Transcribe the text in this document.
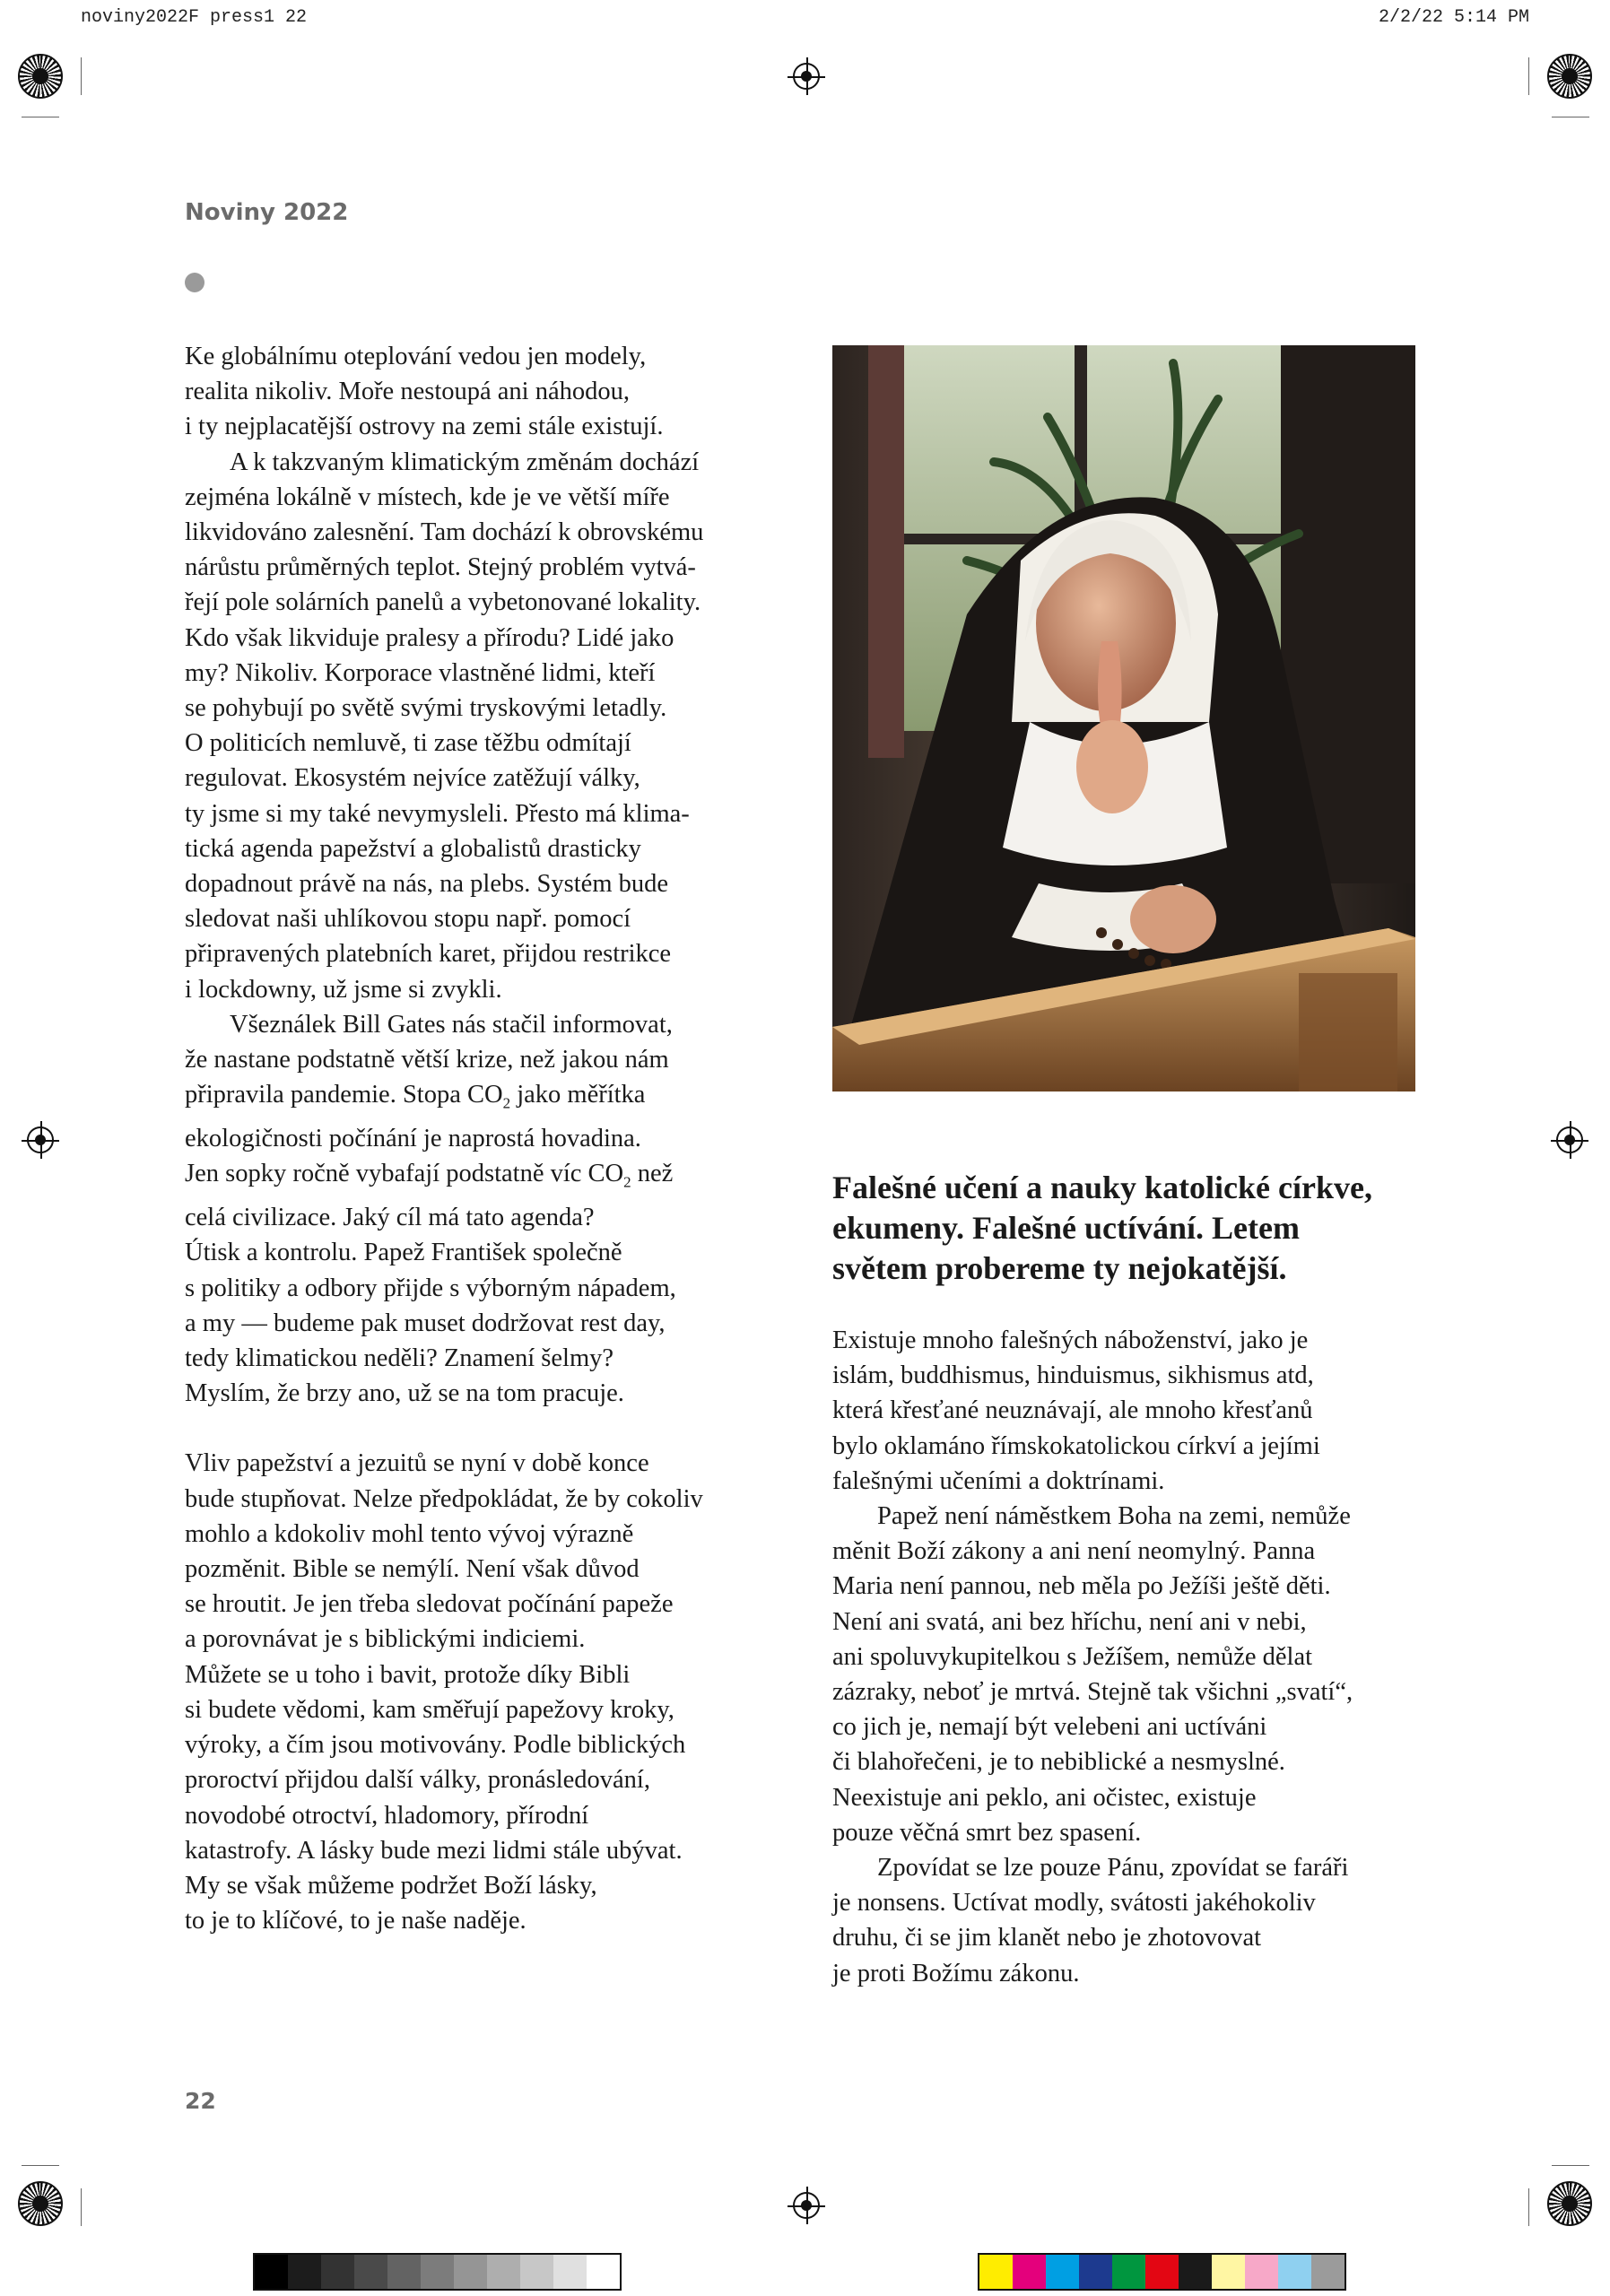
noviny2022F press1 22	2/2/22 5:14 PM
Noviny 2022

Ke globálnímu oteplování vedou jen modely,
realita nikoliv. Moře nestoupá ani náhodou,
i ty nejplacatější ostrovy na zemi stále existují.

A k takzvaným klimatickým změnám dochází
zejména lokálně v místech, kde je ve větší míře
likvidováno zalesnění. Tam dochází k obrovskému
nárůstu průměrných teplot. Stejný problém vytvá-
řejí pole solárních panelů a vybetonované lokality.
Kdo však likviduje pralesy a přírodu? Lidé jako
my? Nikoliv. Korporace vlastněné lidmi, kteří
se pohybují po světě svými tryskovými letadly.
O politicích nemluvě, ti zase těžbu odmítají
regulovat. Ekosystém nejvíce zatěžují války,
ty jsme si my také nevymysleli. Přesto má klima-
tická agenda papežství a globalistů drasticky
dopadnout právě na nás, na plebs. Systém bude
sledovat naši uhlíkovou stopu např. pomocí
připravených platebních karet, přijdou restrikce
i lockdowny, už jsme si zvykli.

Všeználek Bill Gates nás stačil informovat,
že nastane podstatně větší krize, než jakou nám
připravila pandemie. Stopa $CO_2$ jako měřítka
ekologičnosti počínání je naprostá hovadina.
Jen sopky ročně vybafají podstatně víc $CO_2$ než
celá civilizace. Jaký cíl má tato agenda?
Útisk a kontrolu. Papež František společně
s politiky a odbory přijde s výborným nápadem,
a my — budeme pak muset dodržovat rest day,
tedy klimatickou neděli? Znamení šelmy?
Myslím, že brzy ano, už se na tom pracuje.

Vliv papežství a jezuitů se nyní v době konce
bude stupňovat. Nelze předpokládat, že by cokoliv
mohlo a kdokoliv mohl tento vývoj výrazně
pozměnit. Bible se nemýlí. Není však důvod
se hroutit. Je jen třeba sledovat počínání papeže
a porovnávat je s biblickými indiciemi.
Můžete se u toho i bavit, protože díky Bibli
si budete vědomi, kam směřují papežovy kroky,
výroky, a čím jsou motivovány. Podle biblických
proroctví přijdou další války, pronásledování,
novodobé otroctví, hladomory, přírodní
katastrofy. A lásky bude mezi lidmi stále ubývat.
My se však můžeme podržet Boží lásky,
to je to klíčové, to je naše naděje.

Falešné učení a nauky katolické církve,
ekumeny. Falešné uctívání. Letem
světem probereme ty nejokatější.

Existuje mnoho falešných náboženství, jako je
islám, buddhismus, hinduismus, sikhismus atd,
která křesťané neuznávají, ale mnoho křesťanů
bylo oklamáno římskokatolickou církví a jejími
falešnými učeními a doktrínami.

Papež není náměstkem Boha na zemi, nemůže
měnit Boží zákony a ani není neomylný. Panna
Maria není pannou, neb měla po Ježíši ještě děti.
Není ani svatá, ani bez hříchu, není ani v nebi,
ani spoluvykupitelkou s Ježíšem, nemůže dělat
zázraky, neboť je mrtvá. Stejně tak všichni „svatí“,
co jich je, nemají být velebeni ani uctíváni
či blahořečeni, je to nebiblické a nesmyslné.
Neexistuje ani peklo, ani očistec, existuje
pouze věčná smrt bez spasení.

Zpovídat se lze pouze Pánu, zpovídat se faráři
je nonsens. Uctívat modly, svátosti jakéhokoliv
druhu, či se jim klanět nebo je zhotovovat
je proti Božímu zákonu.

22
